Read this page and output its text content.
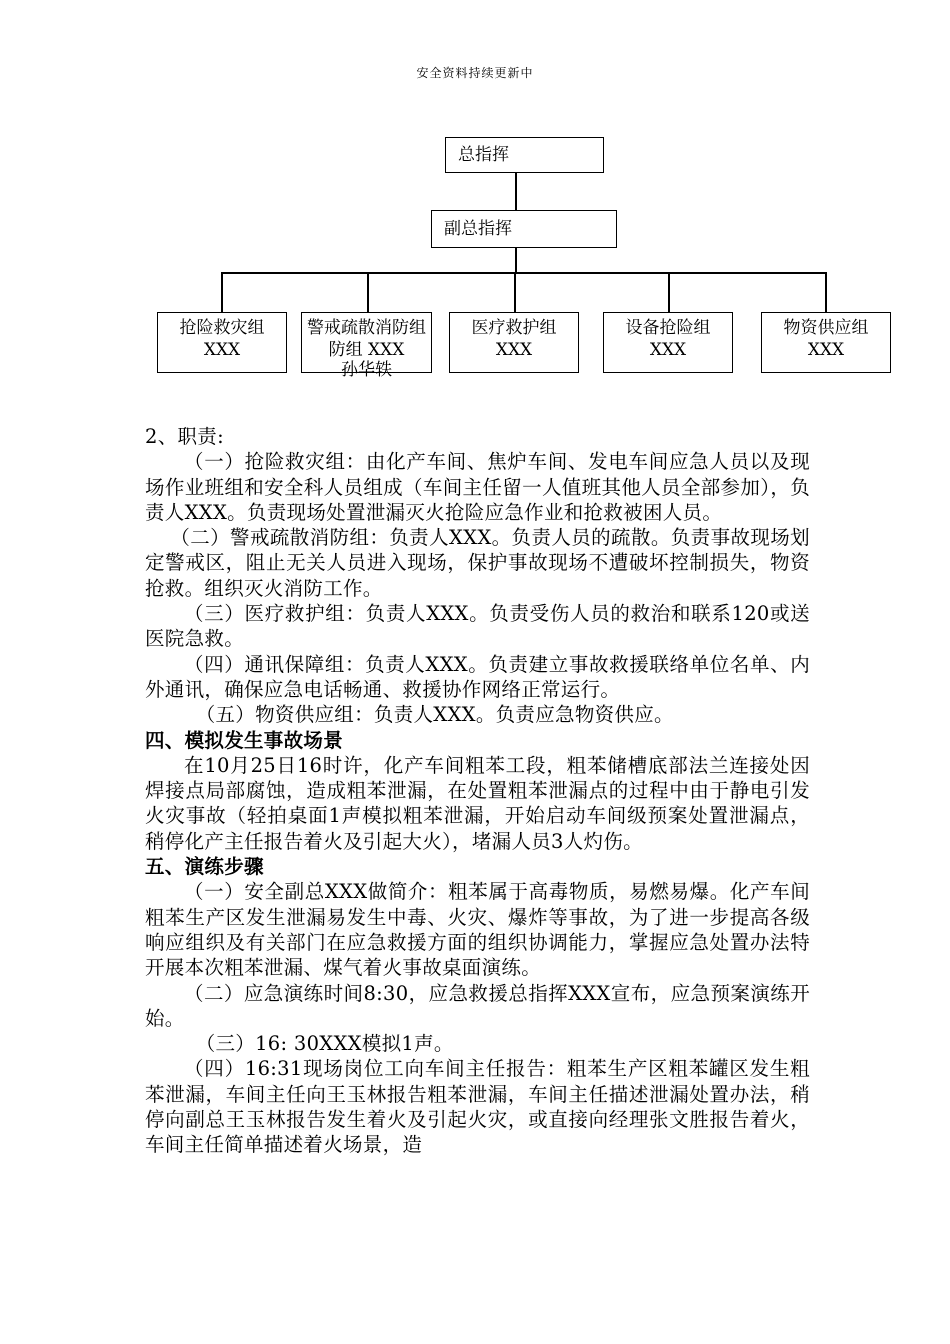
安全资料持续更新中
总指挥
副总指挥
抢险救灾组
XXX
警戒疏散消防组
防组 XXX
孙华轶
医疗救护组
XXX
设备抢险组
XXX
物资供应组
XXX

2、职责:

（一）抢险救灾组：由化产车间、焦炉车间、发电车间应急人员以及现场作业班组和安全科人员组成（车间主任留一人值班其他人员全部参加），负责人XXX。负责现场处置泄漏灭火抢险应急作业和抢救被困人员。

（二）警戒疏散消防组：负责人XXX。负责人员的疏散。负责事故现场划定警戒区，阻止无关人员进入现场，保护事故现场不遭破坏控制损失，物资抢救。组织灭火消防工作。

（三）医疗救护组：负责人XXX。负责受伤人员的救治和联系120或送医院急救。

（四）通讯保障组：负责人XXX。负责建立事故救援联络单位名单、内外通讯，确保应急电话畅通、救援协作网络正常运行。

（五）物资供应组：负责人XXX。负责应急物资供应。

四、模拟发生事故场景

在10月25日16时许，化产车间粗苯工段，粗苯储槽底部法兰连接处因焊接点局部腐蚀，造成粗苯泄漏，在处置粗苯泄漏点的过程中由于静电引发火灾事故（轻拍桌面1声模拟粗苯泄漏，开始启动车间级预案处置泄漏点，稍停化产主任报告着火及引起大火），堵漏人员3人灼伤。

五、演练步骤

（一）安全副总XXX做简介：粗苯属于高毒物质，易燃易爆。化产车间粗苯生产区发生泄漏易发生中毒、火灾、爆炸等事故，为了进一步提高各级响应组织及有关部门在应急救援方面的组织协调能力，掌握应急处置办法特开展本次粗苯泄漏、煤气着火事故桌面演练。

（二）应急演练时间8:30，应急救援总指挥XXX宣布，应急预案演练开始。

（三）16: 30XXX模拟1声。

（四）16:31现场岗位工向车间主任报告：粗苯生产区粗苯罐区发生粗苯泄漏，车间主任向王玉林报告粗苯泄漏，车间主任描述泄漏处置办法，稍停向副总王玉林报告发生着火及引起火灾，或直接向经理张文胜报告着火，车间主任简单描述着火场景，造
